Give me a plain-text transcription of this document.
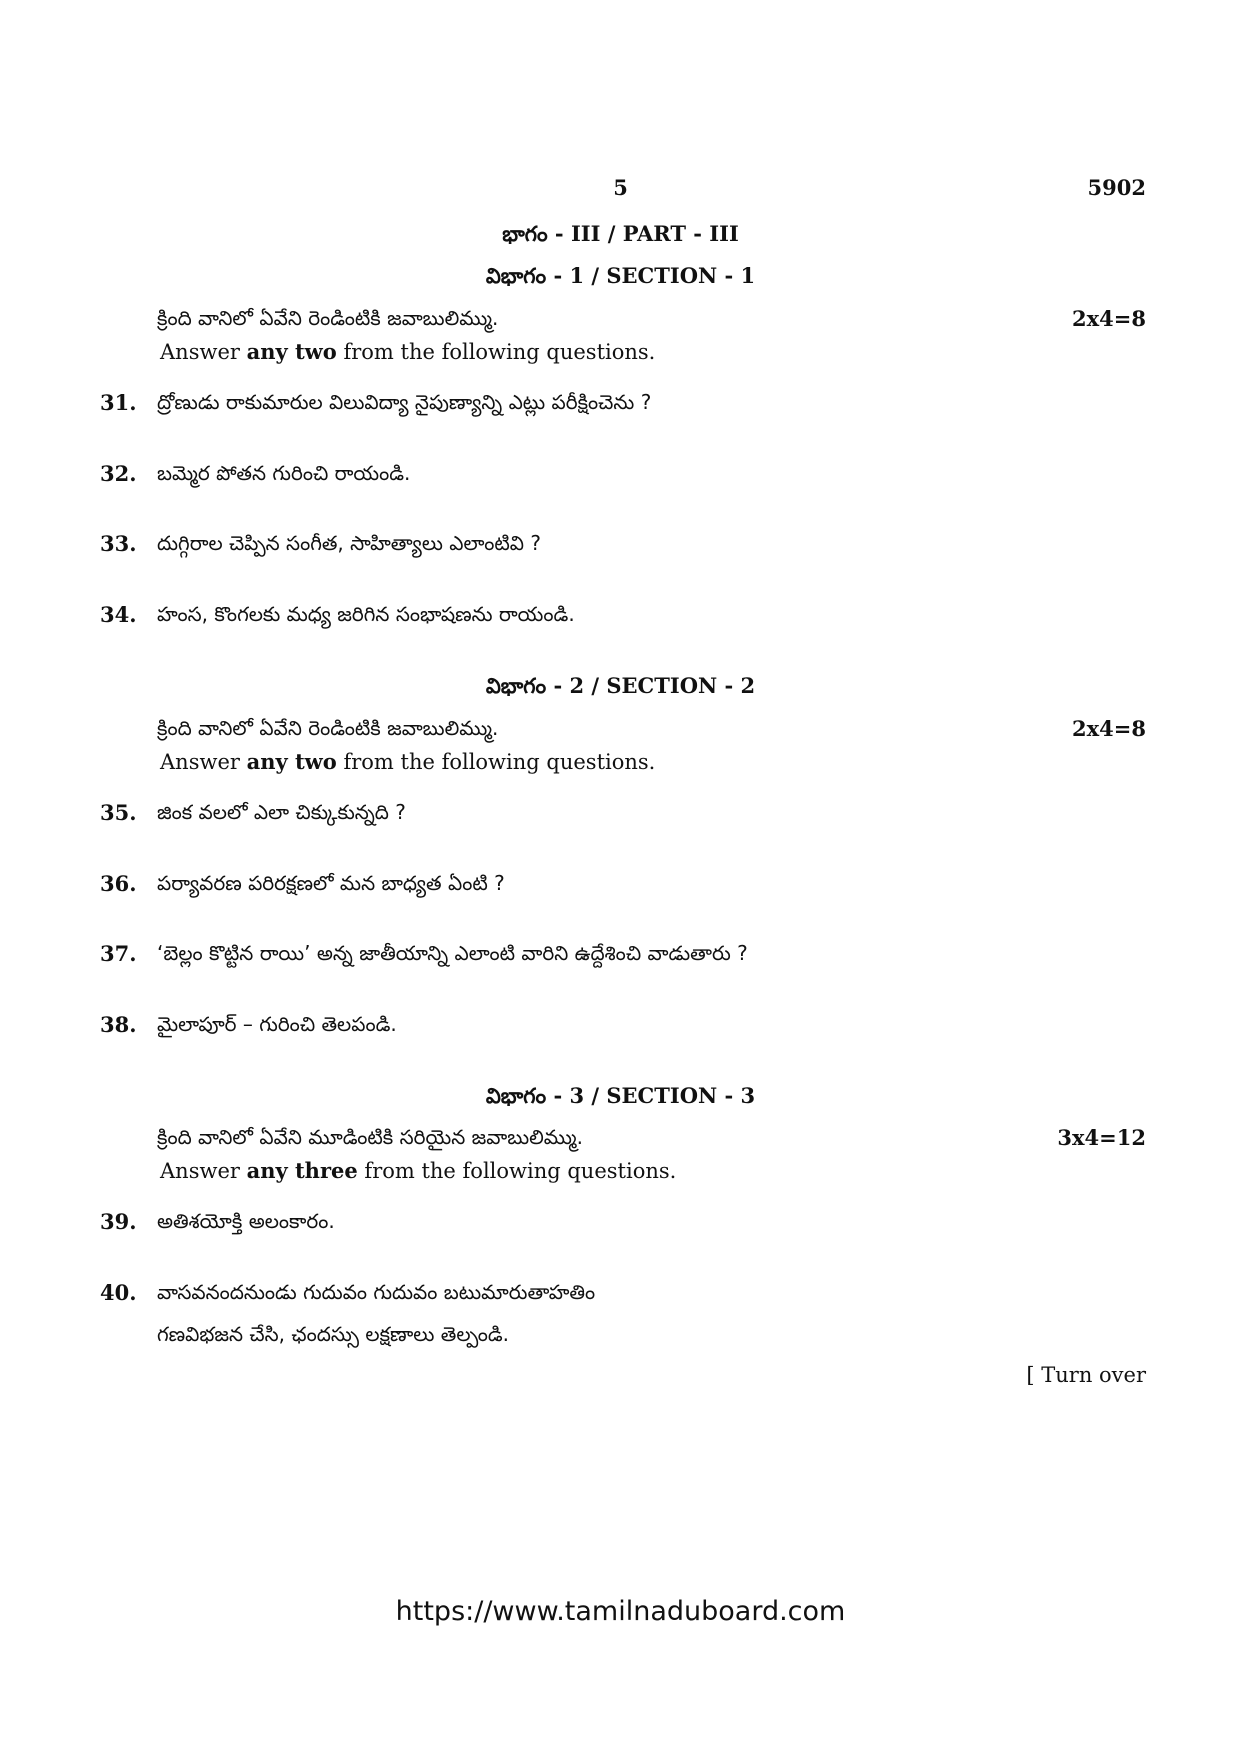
5	5902
భాగం - III / PART - III
విభాగం - 1 / SECTION - 1
క్రింది వానిలో ఏవేని రెండింటికి జవాబులిమ్ము.	2x4=8
Answer any two from the following questions.
31. ద్రోణుడు రాకుమారుల విలువిద్యా నైపుణ్యాన్ని ఎట్లు పరీక్షించెను ?
32. బమ్మెర పోతన గురించి రాయండి.
33. దుగ్గిరాల చెప్పిన సంగీత, సాహిత్యాలు ఎలాంటివి ?
34. హంస, కొంగలకు మధ్య జరిగిన సంభాషణను రాయండి.
విభాగం - 2 / SECTION - 2
క్రింది వానిలో ఏవేని రెండింటికి జవాబులిమ్ము.	2x4=8
Answer any two from the following questions.
35. జింక వలలో ఎలా చిక్కుకున్నది ?
36. పర్యావరణ పరిరక్షణలో మన బాధ్యత ఏంటి ?
37. ‘బెల్లం కొట్టిన రాయి’ అన్న జాతీయాన్ని ఎలాంటి వారిని ఉద్దేశించి వాడుతారు ?
38. మైలాపూర్ – గురించి తెలపండి.
విభాగం - 3 / SECTION - 3
క్రింది వానిలో ఏవేని మూడింటికి సరియైన జవాబులిమ్ము.	3x4=12
Answer any three from the following questions.
39. అతిశయోక్తి అలంకారం.
40. వాసవనందనుండు గుదువం గుదువం బటుమారుతాహతిం
గణవిభజన చేసి, ఛందస్సు లక్షణాలు తెల్పండి.
[ Turn over
https://www.tamilnaduboard.com
